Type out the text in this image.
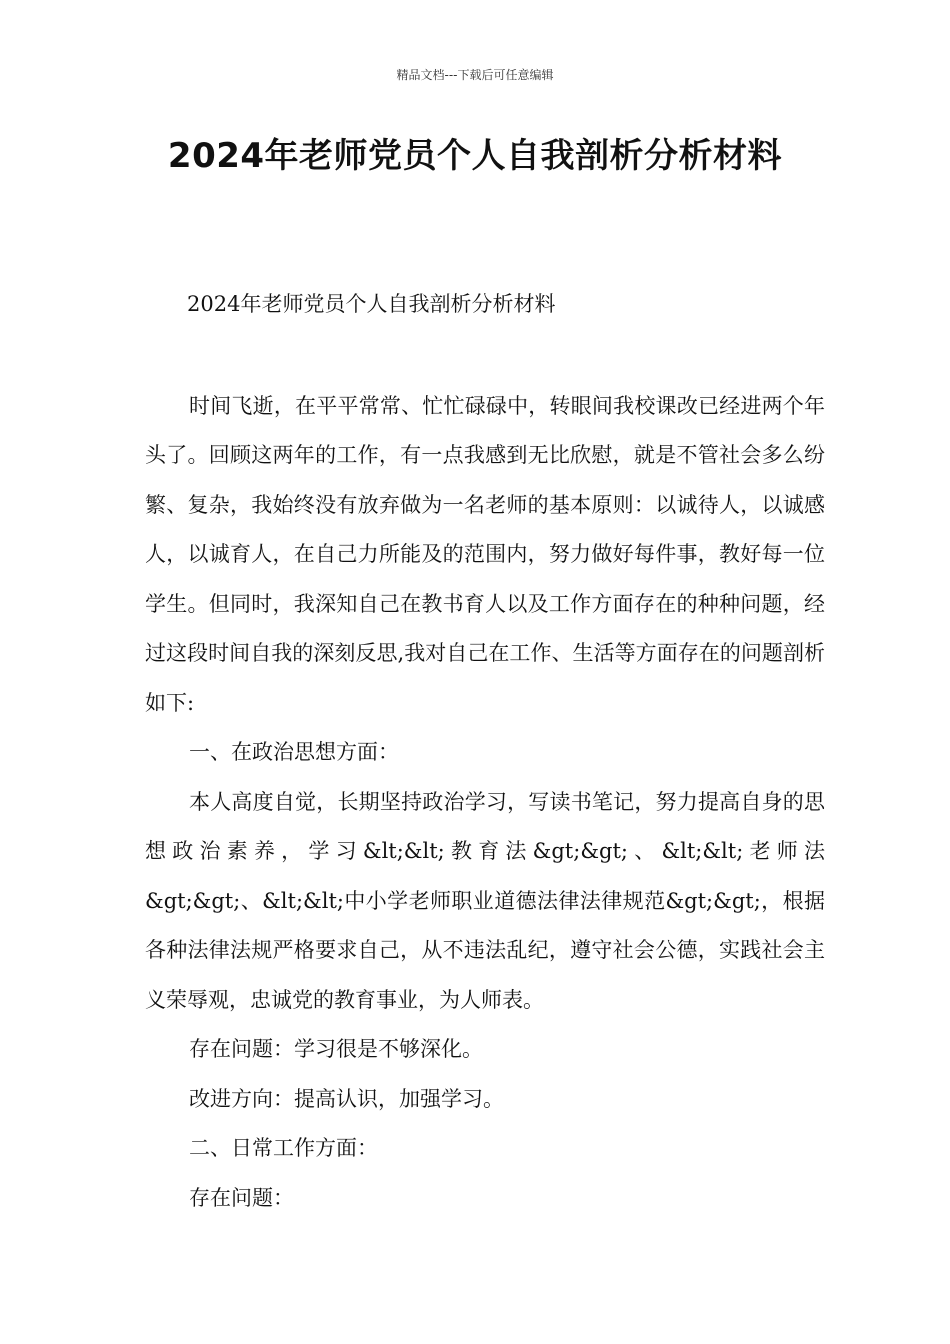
精品文档---下载后可任意编辑
2024年老师党员个人自我剖析分析材料

2024年老师党员个人自我剖析分析材料

时间飞逝，在平平常常、忙忙碌碌中，转眼间我校课改已经进两个年头了。回顾这两年的工作，有一点我感到无比欣慰，就是不管社会多么纷繁、复杂，我始终没有放弃做为一名老师的基本原则：以诚待人，以诚感人，以诚育人，在自己力所能及的范围内，努力做好每件事，教好每一位学生。但同时，我深知自己在教书育人以及工作方面存在的种种问题，经过这段时间自我的深刻反思,我对自己在工作、生活等方面存在的问题剖析如下:

一、在政治思想方面：

本人高度自觉，长期坚持政治学习，写读书笔记，努力提高自身的思想政治素养，学习&lt;&lt;教育法&gt;&gt;、&lt;&lt;老师法&gt;&gt;、&lt;&lt;中小学老师职业道德法律法律规范&gt;&gt;，根据各种法律法规严格要求自己，从不违法乱纪，遵守社会公德，实践社会主义荣辱观，忠诚党的教育事业，为人师表。

存在问题：学习很是不够深化。

改进方向：提高认识，加强学习。

二、日常工作方面：

存在问题：
